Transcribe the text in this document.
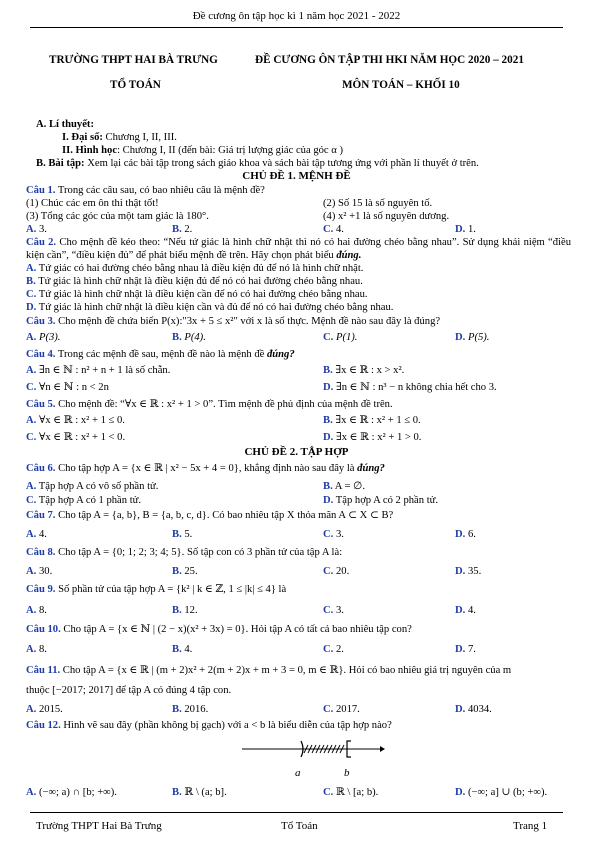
Đề cương ôn tập học kì 1 năm học 2021 - 2022
TRƯỜNG THPT HAI BÀ TRƯNG	ĐỀ CƯƠNG ÔN TẬP THI HKI NĂM HỌC 2020 – 2021
TỔ TOÁN	MÔN TOÁN – KHỐI 10
A. Lí thuyết:
I. Đại số: Chương I, II, III.
II. Hình học: Chương I, II (đến bài: Giá trị lượng giác của góc α )
B. Bài tập: Xem lại các bài tập trong sách giáo khoa và sách bài tập tương ứng với phần lí thuyết ở trên.
CHỦ ĐỀ 1. MỆNH ĐỀ
Câu 1. Trong các câu sau, có bao nhiêu câu là mệnh đề?
(1) Chúc các em ôn thi thật tốt!	(2) Số 15 là số nguyên tố.
(3) Tổng các góc của một tam giác là 180°.	(4) x² +1 là số nguyên dương.
A. 3.	B. 2.	C. 4.	D. 1.
Câu 2. Cho mệnh đề kéo theo: “Nếu tứ giác là hình chữ nhật thì nó có hai đường chéo bằng nhau”. Sử dụng khái niệm “điều kiện cần”, “điều kiện đủ” để phát biểu mệnh đề trên. Hãy chọn phát biểu đúng.
A. Tứ giác có hai đường chéo bằng nhau là điều kiện đủ để nó là hình chữ nhật.
B. Tứ giác là hình chữ nhật là điều kiện đủ để nó có hai đường chéo bằng nhau.
C. Tứ giác là hình chữ nhật là điều kiện cần để nó có hai đường chéo bằng nhau.
D. Tứ giác là hình chữ nhật là điều kiện cần và đủ để nó có hai đường chéo bằng nhau.
Câu 3. Cho mệnh đề chứa biến P(x):"3x + 5 ≤ x²" với x là số thực. Mệnh đề nào sau đây là đúng?
A. P(3).	B. P(4).	C. P(1).	D. P(5).
Câu 4. Trong các mệnh đề sau, mệnh đề nào là mệnh đề đúng?
A. ∃n ∈ ℕ : n² + n + 1 là số chẵn.	B. ∃x ∈ ℝ : x > x².
C. ∀n ∈ ℕ : n < 2n	D. ∃n ∈ ℕ : n³ − n không chia hết cho 3.
Câu 5. Cho mệnh đề: “∀x ∈ ℝ : x² + 1 > 0”. Tìm mệnh đề phủ định của mệnh đề trên.
A. ∀x ∈ ℝ : x² + 1 ≤ 0.	B. ∃x ∈ ℝ : x² + 1 ≤ 0.
C. ∀x ∈ ℝ : x² + 1 < 0.	D. ∃x ∈ ℝ : x² + 1 > 0.
CHỦ ĐỀ 2. TẬP HỢP
Câu 6. Cho tập hợp A = {x ∈ ℝ | x² − 5x + 4 = 0}, khẳng định nào sau đây là đúng?
A. Tập hợp A có vô số phần tử.	B. A = ∅.
C. Tập hợp A có 1 phần tử.	D. Tập hợp A có 2 phần tử.
Câu 7. Cho tập A = {a, b}, B = {a, b, c, d}. Có bao nhiêu tập X thỏa mãn A ⊂ X ⊂ B?
A. 4.	B. 5.	C. 3.	D. 6.
Câu 8. Cho tập A = {0; 1; 2; 3; 4; 5}. Số tập con có 3 phần tử của tập A là:
A. 30.	B. 25.	C. 20.	D. 35.
Câu 9. Số phần tử của tập hợp A = {k² | k ∈ ℤ, 1 ≤ |k| ≤ 4} là
A. 8.	B. 12.	C. 3.	D. 4.
Câu 10. Cho tập A = {x ∈ ℕ | (2 − x)(x² + 3x) = 0}. Hỏi tập A có tất cả bao nhiêu tập con?
A. 8.	B. 4.	C. 2.	D. 7.
Câu 11. Cho tập A = {x ∈ ℝ | (m + 2)x² + 2(m + 2)x + m + 3 = 0, m ∈ ℝ}. Hỏi có bao nhiêu giá trị nguyên của m
thuộc [−2017; 2017] để tập A có đúng 4 tập con.
A. 2015.	B. 2016.	C. 2017.	D. 4034.
Câu 12. Hình vẽ sau đây (phần không bị gạch) với a < b là biểu diễn của tập hợp nào?
a	b
A. (−∞; a) ∩ [b; +∞).	B. ℝ \ (a; b].	C. ℝ \ [a; b).	D. (−∞; a] ∪ (b; +∞).
Trường THPT Hai Bà Trưng	Tổ Toán	Trang 1
